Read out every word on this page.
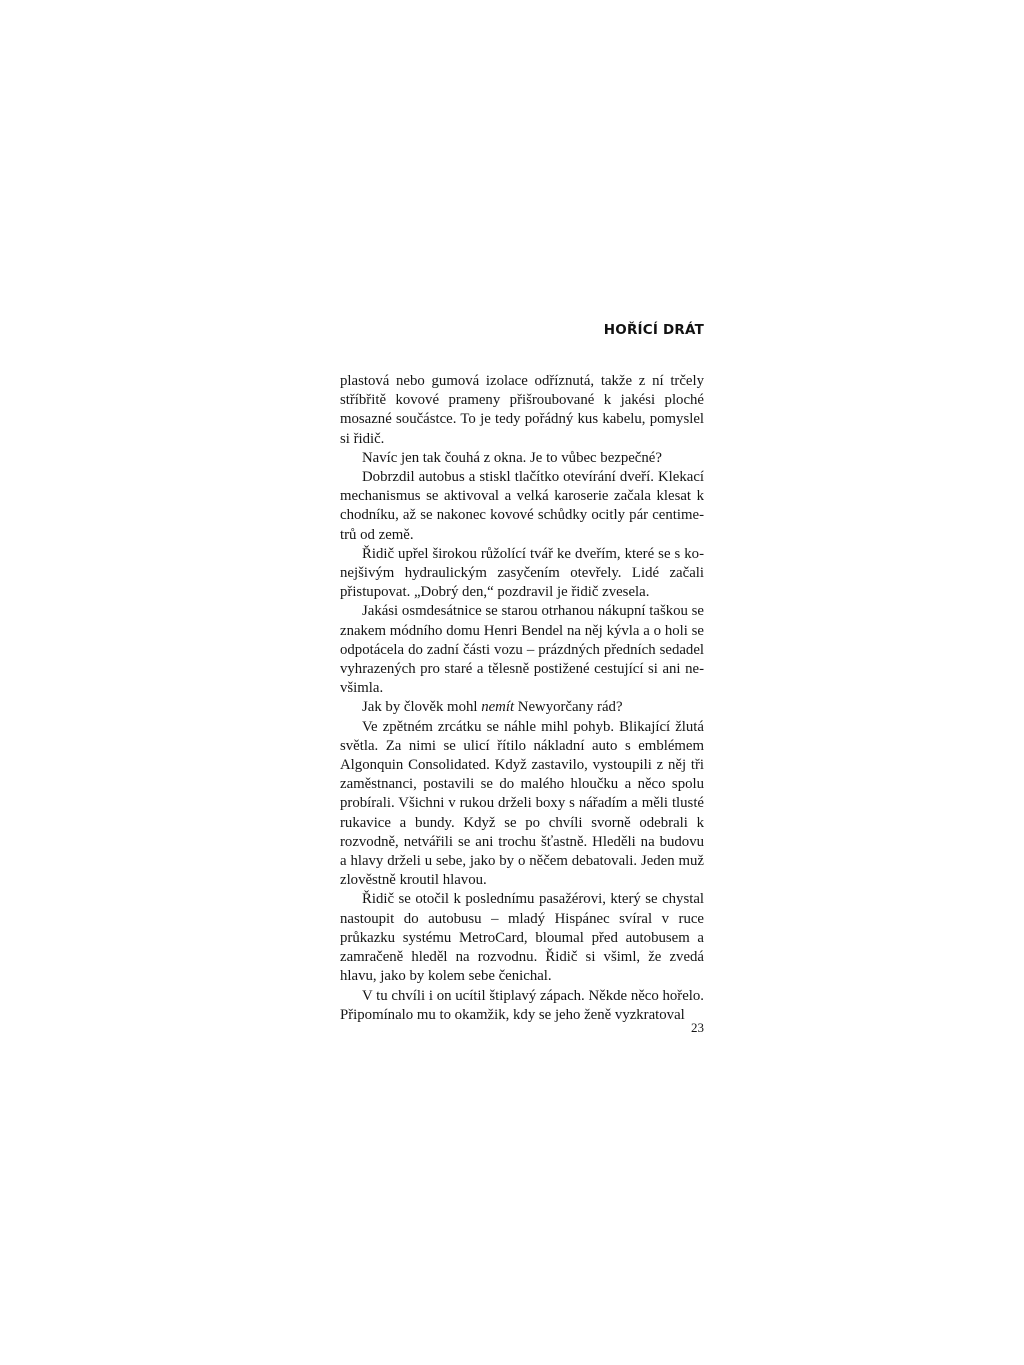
HOŘÍCÍ DRÁT

plastová nebo gumová izolace odříznutá, takže z ní trčely stříbřitě kovové prameny přišroubované k jakési ploché mosazné součástce. To je tedy pořádný kus kabelu, pomyslel si řidič.

Navíc jen tak čouhá z okna. Je to vůbec bezpečné?

Dobrzdil autobus a stiskl tlačítko otevírání dveří. Klekací mechanismus se aktivoval a velká karoserie začala klesat k chodníku, až se nakonec kovové schůdky ocitly pár centimetrů od země.

Řidič upřel širokou růžolící tvář ke dveřím, které se s konejšivým hydraulickým zasyčením otevřely. Lidé začali přistupovat. „Dobrý den,“ pozdravil je řidič zvesela.

Jakási osmdesátnice se starou otrhanou nákupní taškou se znakem módního domu Henri Bendel na něj kývla a o holi se odpotácela do zadní části vozu – prázdných předních sedadel vyhrazených pro staré a tělesně postižené cestující si ani nevšimla.

Jak by člověk mohl nemít Newyorčany rád?

Ve zpětném zrcátku se náhle mihl pohyb. Blikající žlutá světla. Za nimi se ulicí řítilo nákladní auto s emblémem Algonquin Consolidated. Když zastavilo, vystoupili z něj tři zaměstnanci, postavili se do malého hloučku a něco spolu probírali. Všichni v rukou drželi boxy s nářadím a měli tlusté rukavice a bundy. Když se po chvíli svorně odebrali k rozvodně, netvářili se ani trochu šťastně. Hleděli na budovu a hlavy drželi u sebe, jako by o něčem debatovali. Jeden muž zlověstně kroutil hlavou.

Řidič se otočil k poslednímu pasažérovi, který se chystal nastoupit do autobusu – mladý Hispánec svíral v ruce průkazku systému MetroCard, bloumal před autobusem a zamračeně hleděl na rozvodnu. Řidič si všiml, že zvedá hlavu, jako by kolem sebe čenichal.

V tu chvíli i on ucítil štiplavý zápach. Někde něco hořelo. Připomínalo mu to okamžik, kdy se jeho ženě vyzkratoval

23
